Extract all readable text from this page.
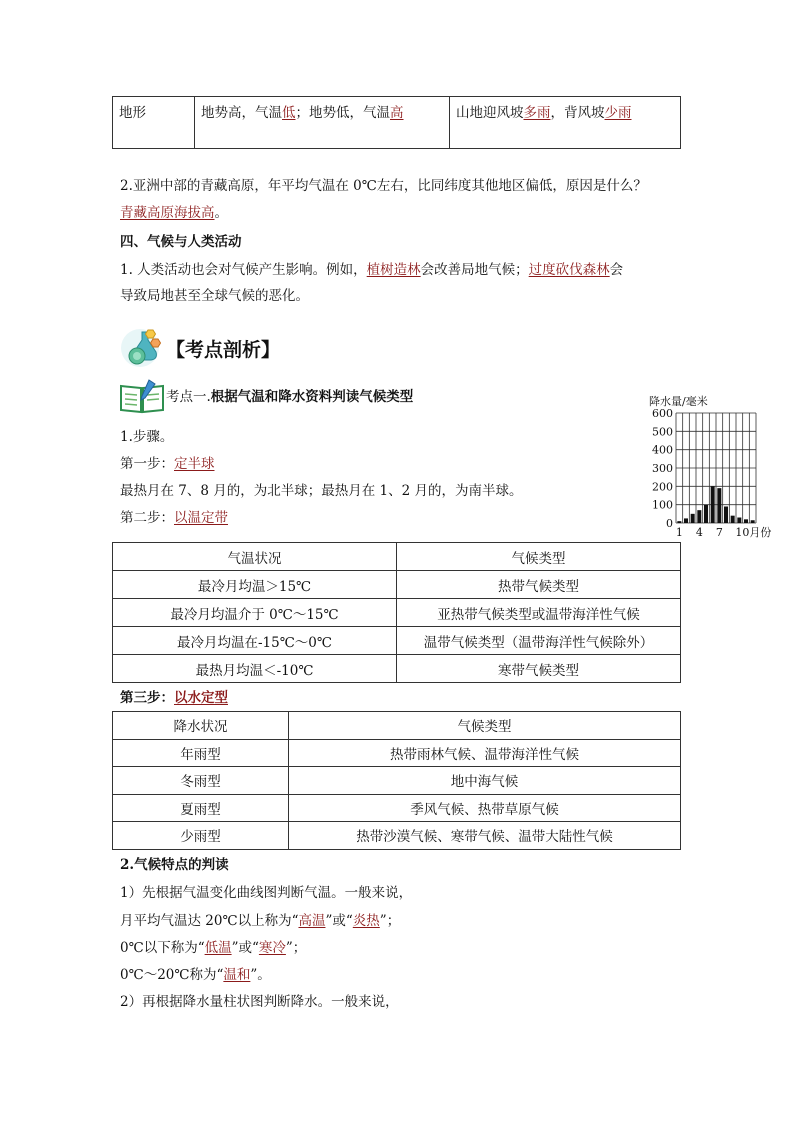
地形	地势高，气温低；地势低，气温高	山地迎风坡多雨，背风坡少雨
2.亚洲中部的青藏高原，年平均气温在 0℃左右，比同纬度其他地区偏低，原因是什么？
青藏高原海拔高。
四、气候与人类活动
1. 人类活动也会对气候产生影响。例如，植树造林会改善局地气候；过度砍伐森林会
导致局地甚至全球气候的恶化。
【考点剖析】
考点一.根据气温和降水资料判读气候类型
1.步骤。
第一步：定半球
最热月在 7、8 月的，为北半球；最热月在 1、2 月的，为南半球。
第二步：以温定带
降水量/毫米
0
100
200
300
400
500
600
1 4 7 10月份
气温状况	气候类型
最冷月均温＞15℃	热带气候类型
最冷月均温介于 0℃～15℃	亚热带气候类型或温带海洋性气候
最冷月均温在-15℃～0℃	温带气候类型（温带海洋性气候除外）
最热月均温＜-10℃	寒带气候类型
第三步：以水定型
降水状况	气候类型
年雨型	热带雨林气候、温带海洋性气候
冬雨型	地中海气候
夏雨型	季风气候、热带草原气候
少雨型	热带沙漠气候、寒带气候、温带大陆性气候
2.气候特点的判读
1）先根据气温变化曲线图判断气温。一般来说，
月平均气温达 20℃以上称为“高温”或“炎热”；
0℃以下称为“低温”或“寒冷”；
0℃～20℃称为“温和”。
2）再根据降水量柱状图判断降水。一般来说，
